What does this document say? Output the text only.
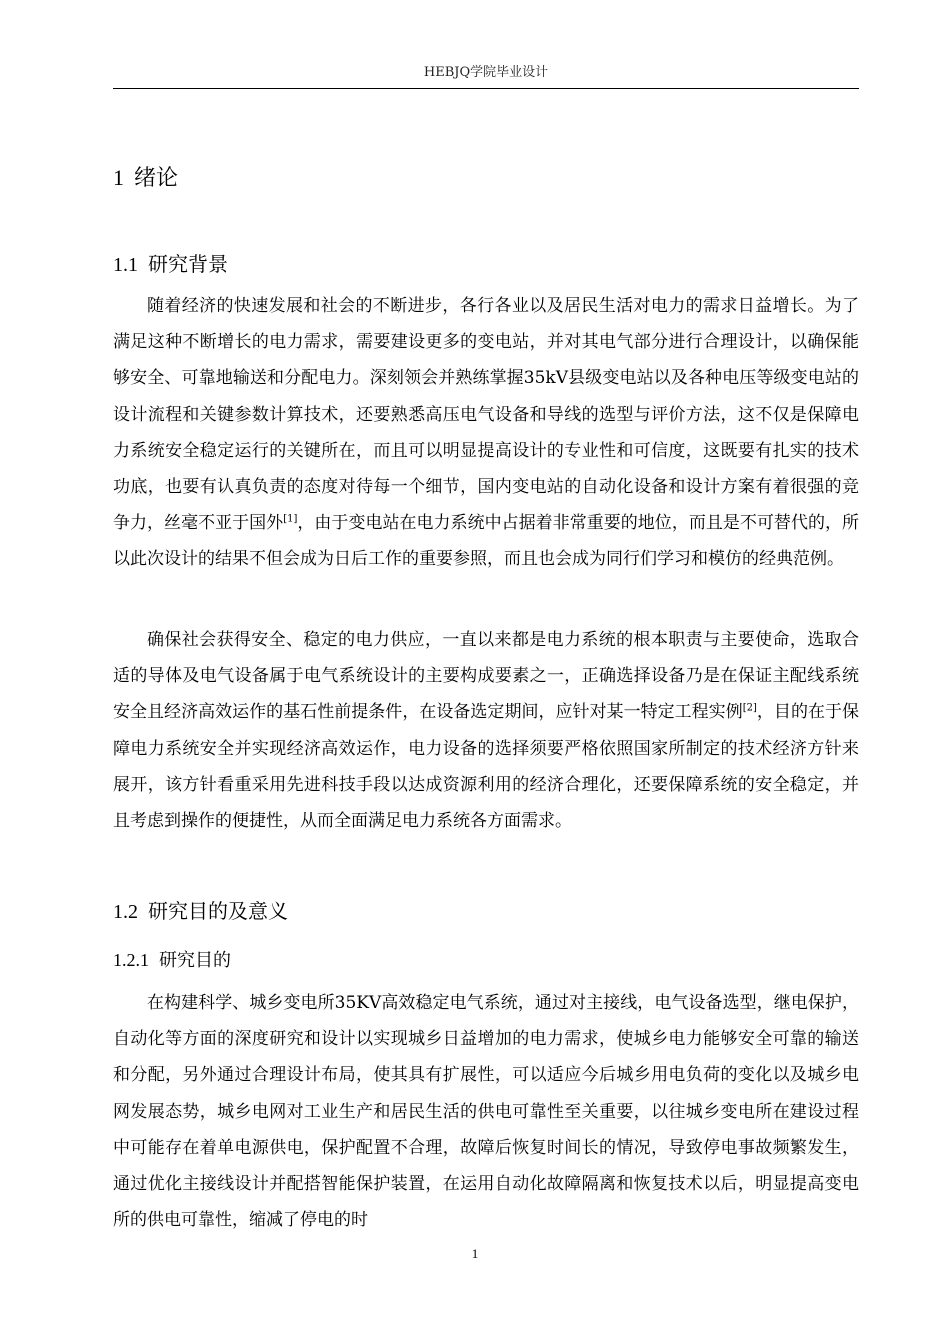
HEBJQ学院毕业设计
1 绪论
1.1 研究背景

随着经济的快速发展和社会的不断进步，各行各业以及居民生活对电力的需求日益增长。为了满足这种不断增长的电力需求，需要建设更多的变电站，并对其电气部分进行合理设计，以确保能够安全、可靠地输送和分配电力。深刻领会并熟练掌握35kV县级变电站以及各种电压等级变电站的设计流程和关键参数计算技术，还要熟悉高压电气设备和导线的选型与评价方法，这不仅是保障电力系统安全稳定运行的关键所在，而且可以明显提高设计的专业性和可信度，这既要有扎实的技术功底，也要有认真负责的态度对待每一个细节，国内变电站的自动化设备和设计方案有着很强的竞争力，丝毫不亚于国外[1]，由于变电站在电力系统中占据着非常重要的地位，而且是不可替代的，所以此次设计的结果不但会成为日后工作的重要参照，而且也会成为同行们学习和模仿的经典范例。

确保社会获得安全、稳定的电力供应，一直以来都是电力系统的根本职责与主要使命，选取合适的导体及电气设备属于电气系统设计的主要构成要素之一，正确选择设备乃是在保证主配线系统安全且经济高效运作的基石性前提条件，在设备选定期间，应针对某一特定工程实例[2]，目的在于保障电力系统安全并实现经济高效运作，电力设备的选择须要严格依照国家所制定的技术经济方针来展开，该方针看重采用先进科技手段以达成资源利用的经济合理化，还要保障系统的安全稳定，并且考虑到操作的便捷性，从而全面满足电力系统各方面需求。

1.2 研究目的及意义
1.2.1 研究目的

在构建科学、城乡变电所35KV高效稳定电气系统，通过对主接线，电气设备选型，继电保护，自动化等方面的深度研究和设计以实现城乡日益增加的电力需求，使城乡电力能够安全可靠的输送和分配，另外通过合理设计布局，使其具有扩展性，可以适应今后城乡用电负荷的变化以及城乡电网发展态势，城乡电网对工业生产和居民生活的供电可靠性至关重要，以往城乡变电所在建设过程中可能存在着单电源供电，保护配置不合理，故障后恢复时间长的情况，导致停电事故频繁发生，通过优化主接线设计并配搭智能保护装置，在运用自动化故障隔离和恢复技术以后，明显提高变电所的供电可靠性，缩减了停电的时

1
